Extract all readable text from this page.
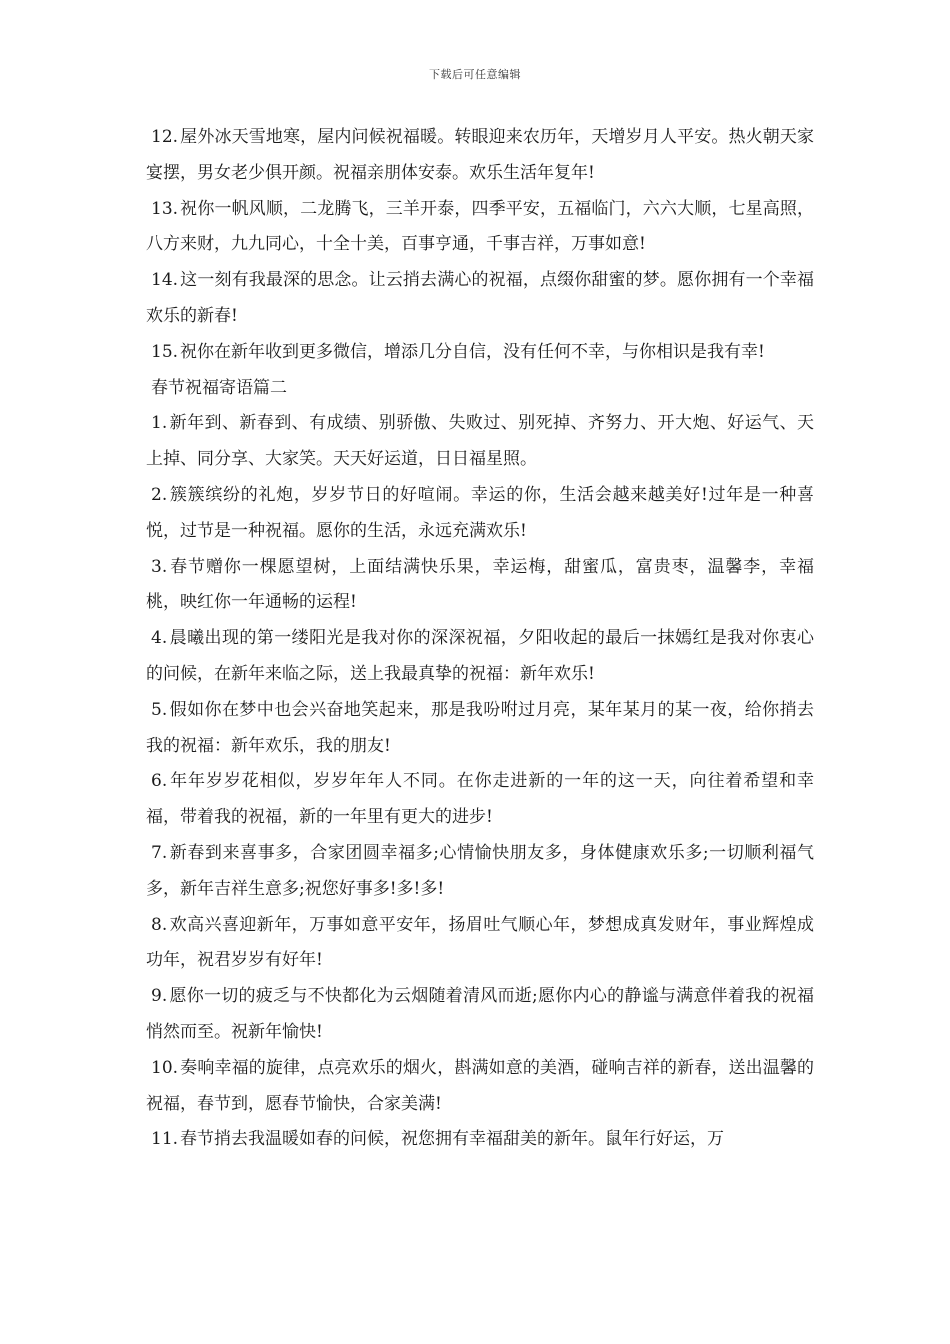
下载后可任意编辑

12. 屋外冰天雪地寒，屋内问候祝福暖。转眼迎来农历年，天增岁月人平安。热火朝天家宴摆，男女老少俱开颜。祝福亲朋体安泰。欢乐生活年复年!

13. 祝你一帆风顺，二龙腾飞，三羊开泰，四季平安，五福临门，六六大顺，七星高照，八方来财，九九同心，十全十美，百事亨通，千事吉祥，万事如意!

14. 这一刻有我最深的思念。让云捎去满心的祝福，点缀你甜蜜的梦。愿你拥有一个幸福欢乐的新春!

15. 祝你在新年收到更多微信，增添几分自信，没有任何不幸，与你相识是我有幸!

春节祝福寄语篇二

1. 新年到、新春到、有成绩、别骄傲、失败过、别死掉、齐努力、开大炮、好运气、天上掉、同分享、大家笑。天天好运道，日日福星照。

2. 簇簇缤纷的礼炮，岁岁节日的好喧闹。幸运的你，生活会越来越美好!过年是一种喜悦，过节是一种祝福。愿你的生活，永远充满欢乐!

3. 春节赠你一棵愿望树，上面结满快乐果，幸运梅，甜蜜瓜，富贵枣，温馨李，幸福桃，映红你一年通畅的运程!

4. 晨曦出现的第一缕阳光是我对你的深深祝福，夕阳收起的最后一抹嫣红是我对你衷心的问候，在新年来临之际，送上我最真挚的祝福：新年欢乐!

5. 假如你在梦中也会兴奋地笑起来，那是我吩咐过月亮，某年某月的某一夜，给你捎去我的祝福：新年欢乐，我的朋友!

6. 年年岁岁花相似，岁岁年年人不同。在你走进新的一年的这一天，向往着希望和幸福，带着我的祝福，新的一年里有更大的进步!

7. 新春到来喜事多，合家团圆幸福多;心情愉快朋友多，身体健康欢乐多;一切顺利福气多，新年吉祥生意多;祝您好事多!多!多!

8. 欢高兴喜迎新年，万事如意平安年，扬眉吐气顺心年，梦想成真发财年，事业辉煌成功年，祝君岁岁有好年!

9. 愿你一切的疲乏与不快都化为云烟随着清风而逝;愿你内心的静谧与满意伴着我的祝福悄然而至。祝新年愉快!

10. 奏响幸福的旋律，点亮欢乐的烟火，斟满如意的美酒，碰响吉祥的新春，送出温馨的祝福，春节到，愿春节愉快，合家美满!

11. 春节捎去我温暖如春的问候，祝您拥有幸福甜美的新年。鼠年行好运，万
